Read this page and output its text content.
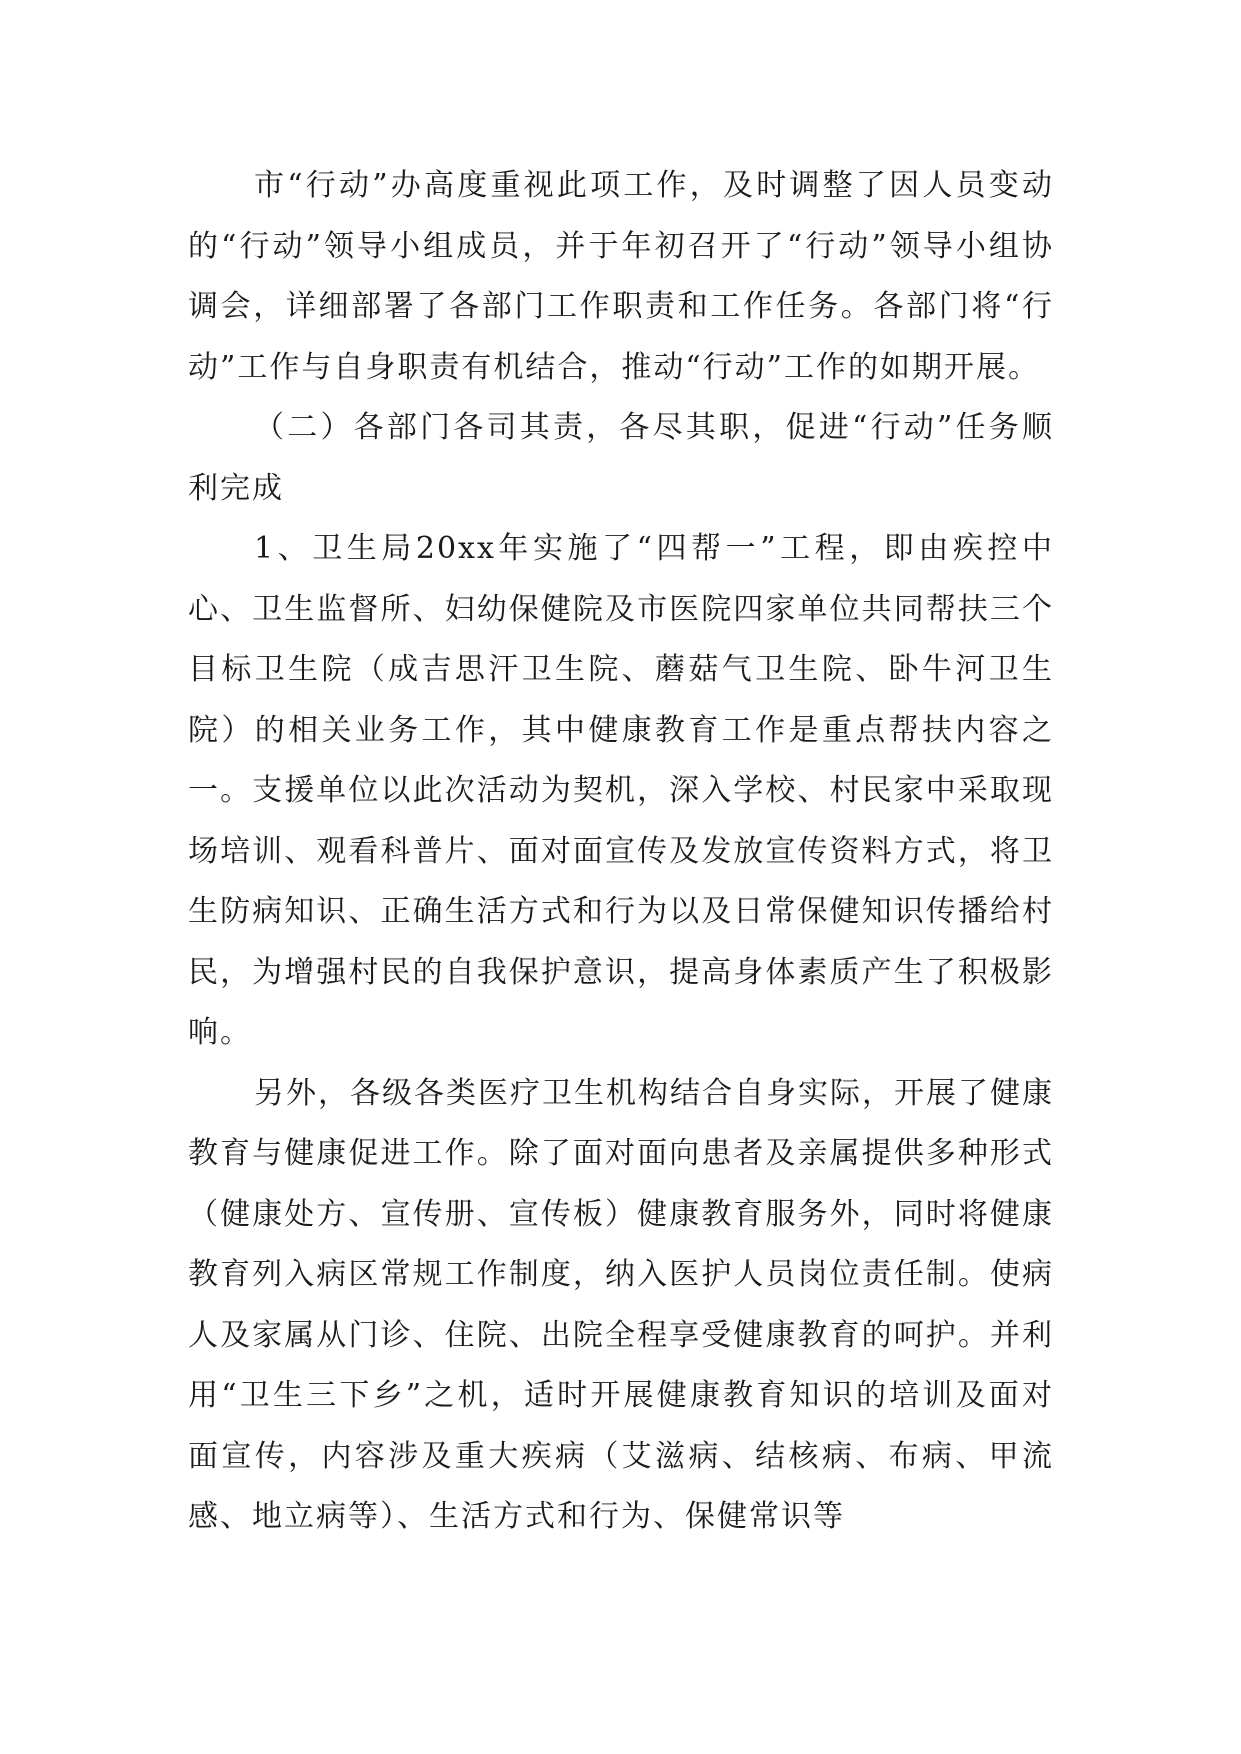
市“行动”办高度重视此项工作，及时调整了因人员变动的“行动”领导小组成员，并于年初召开了“行动”领导小组协调会，详细部署了各部门工作职责和工作任务。各部门将“行动”工作与自身职责有机结合，推动“行动”工作的如期开展。

（二）各部门各司其责，各尽其职，促进“行动”任务顺利完成

1、卫生局20xx年实施了“四帮一”工程，即由疾控中心、卫生监督所、妇幼保健院及市医院四家单位共同帮扶三个目标卫生院（成吉思汗卫生院、蘑菇气卫生院、卧牛河卫生院）的相关业务工作，其中健康教育工作是重点帮扶内容之一。支援单位以此次活动为契机，深入学校、村民家中采取现场培训、观看科普片、面对面宣传及发放宣传资料方式，将卫生防病知识、正确生活方式和行为以及日常保健知识传播给村民，为增强村民的自我保护意识，提高身体素质产生了积极影响。

另外，各级各类医疗卫生机构结合自身实际，开展了健康教育与健康促进工作。除了面对面向患者及亲属提供多种形式（健康处方、宣传册、宣传板）健康教育服务外，同时将健康教育列入病区常规工作制度，纳入医护人员岗位责任制。使病人及家属从门诊、住院、出院全程享受健康教育的呵护。并利用“卫生三下乡”之机，适时开展健康教育知识的培训及面对面宣传，内容涉及重大疾病（艾滋病、结核病、布病、甲流感、地立病等）、生活方式和行为、保健常识等
